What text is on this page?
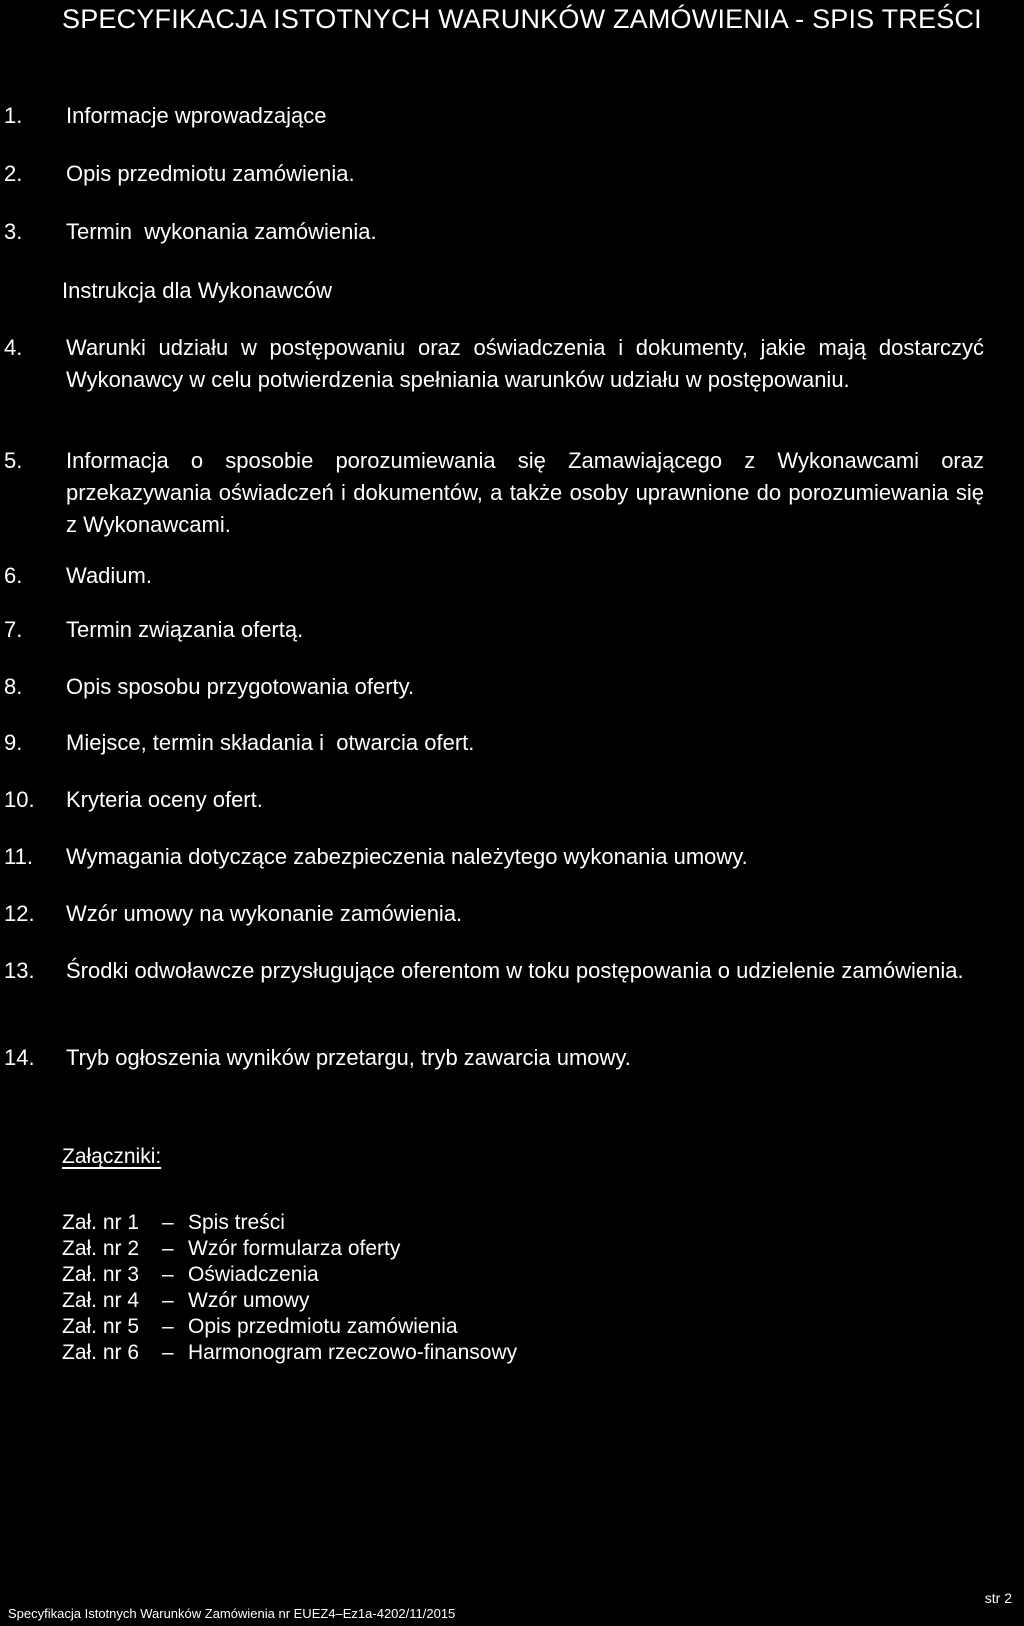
SPECYFIKACJA ISTOTNYCH WARUNKÓW ZAMÓWIENIA - SPIS TREŚCI
1. Informacje wprowadzające
2. Opis przedmiotu zamówienia.
3. Termin  wykonania zamówienia.
Instrukcja dla Wykonawców
4. Warunki udziału w postępowaniu oraz oświadczenia i dokumenty, jakie mają dostarczyć Wykonawcy w celu potwierdzenia spełniania warunków udziału w postępowaniu.
5. Informacja o sposobie porozumiewania się Zamawiającego z Wykonawcami oraz przekazywania oświadczeń i dokumentów, a także osoby uprawnione do porozumiewania się z Wykonawcami.
6. Wadium.
7. Termin związania ofertą.
8. Opis sposobu przygotowania oferty.
9. Miejsce, termin składania i  otwarcia ofert.
10. Kryteria oceny ofert.
11. Wymagania dotyczące zabezpieczenia należytego wykonania umowy.
12. Wzór umowy na wykonanie zamówienia.
13. Środki odwoławcze przysługujące oferentom w toku postępowania o udzielenie zamówienia.
14. Tryb ogłoszenia wyników przetargu, tryb zawarcia umowy.
Załączniki:
Zał. nr 1 – Spis treści
Zał. nr 2 – Wzór formularza oferty
Zał. nr 3 – Oświadczenia
Zał. nr 4 – Wzór umowy
Zał. nr 5 – Opis przedmiotu zamówienia
Zał. nr 6 – Harmonogram rzeczowo-finansowy
str 2
Specyfikacja Istotnych Warunków Zamówienia nr EUEZ4–Ez1a-4202/11/2015
